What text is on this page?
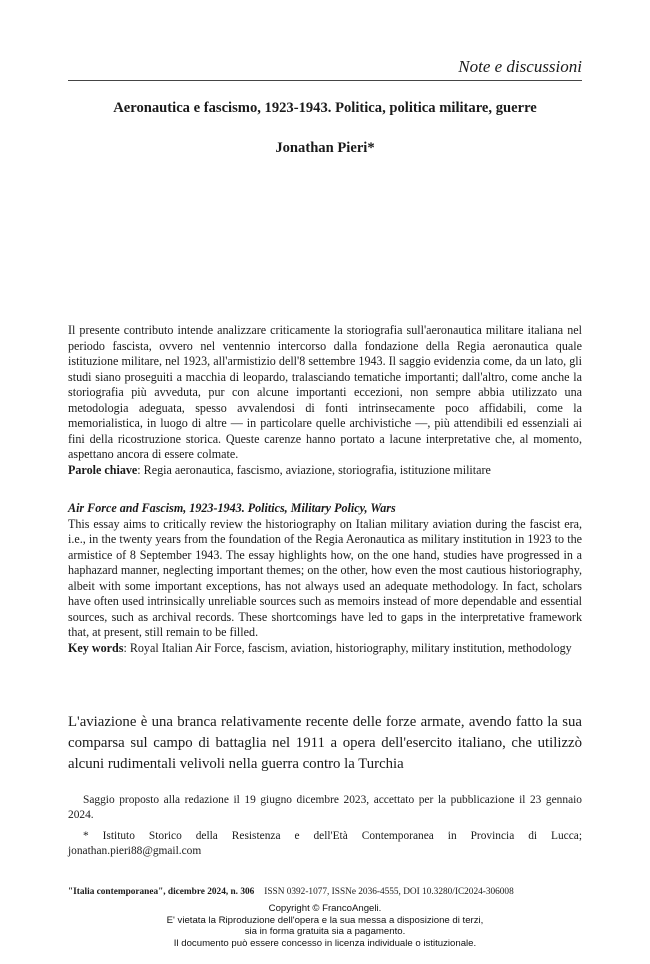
Note e discussioni
Aeronautica e fascismo, 1923-1943. Politica, politica militare, guerre
Jonathan Pieri*

Il presente contributo intende analizzare criticamente la storiografia sull'aeronautica militare italiana nel periodo fascista, ovvero nel ventennio intercorso dalla fondazione della Regia aeronautica quale istituzione militare, nel 1923, all'armistizio dell'8 settembre 1943. Il saggio evidenzia come, da un lato, gli studi siano proseguiti a macchia di leopardo, tralasciando tematiche importanti; dall'altro, come anche la storiografia più avveduta, pur con alcune importanti eccezioni, non sempre abbia utilizzato una metodologia adeguata, spesso avvalendosi di fonti intrinsecamente poco affidabili, come la memorialistica, in luogo di altre — in particolare quelle archivistiche —, più attendibili ed essenziali ai fini della ricostruzione storica. Queste carenze hanno portato a lacune interpretative che, al momento, aspettano ancora di essere colmate.

Parole chiave: Regia aeronautica, fascismo, aviazione, storiografia, istituzione militare

Air Force and Fascism, 1923-1943. Politics, Military Policy, Wars

This essay aims to critically review the historiography on Italian military aviation during the fascist era, i.e., in the twenty years from the foundation of the Regia Aeronautica as military institution in 1923 to the armistice of 8 September 1943. The essay highlights how, on the one hand, studies have progressed in a haphazard manner, neglecting important themes; on the other, how even the most cautious historiography, albeit with some important exceptions, has not always used an adequate methodology. In fact, scholars have often used intrinsically unreliable sources such as memoirs instead of more dependable and essential sources, such as archival records. These shortcomings have led to gaps in the interpretative framework that, at present, still remain to be filled.

Key words: Royal Italian Air Force, fascism, aviation, historiography, military institution, methodology

L'aviazione è una branca relativamente recente delle forze armate, avendo fatto la sua comparsa sul campo di battaglia nel 1911 a opera dell'esercito italiano, che utilizzò alcuni rudimentali velivoli nella guerra contro la Turchia

Saggio proposto alla redazione il 19 giugno dicembre 2023, accettato per la pubblicazione il 23 gennaio 2024.

* Istituto Storico della Resistenza e dell'Età Contemporanea in Provincia di Lucca; jonathan.pieri88@gmail.com

"Italia contemporanea", dicembre 2024, n. 306 ISSN 0392-1077, ISSNe 2036-4555, DOI 10.3280/IC2024-306008
Copyright © FrancoAngeli.
E' vietata la Riproduzione dell'opera e la sua messa a disposizione di terzi,
sia in forma gratuita sia a pagamento.
Il documento può essere concesso in licenza individuale o istituzionale.
